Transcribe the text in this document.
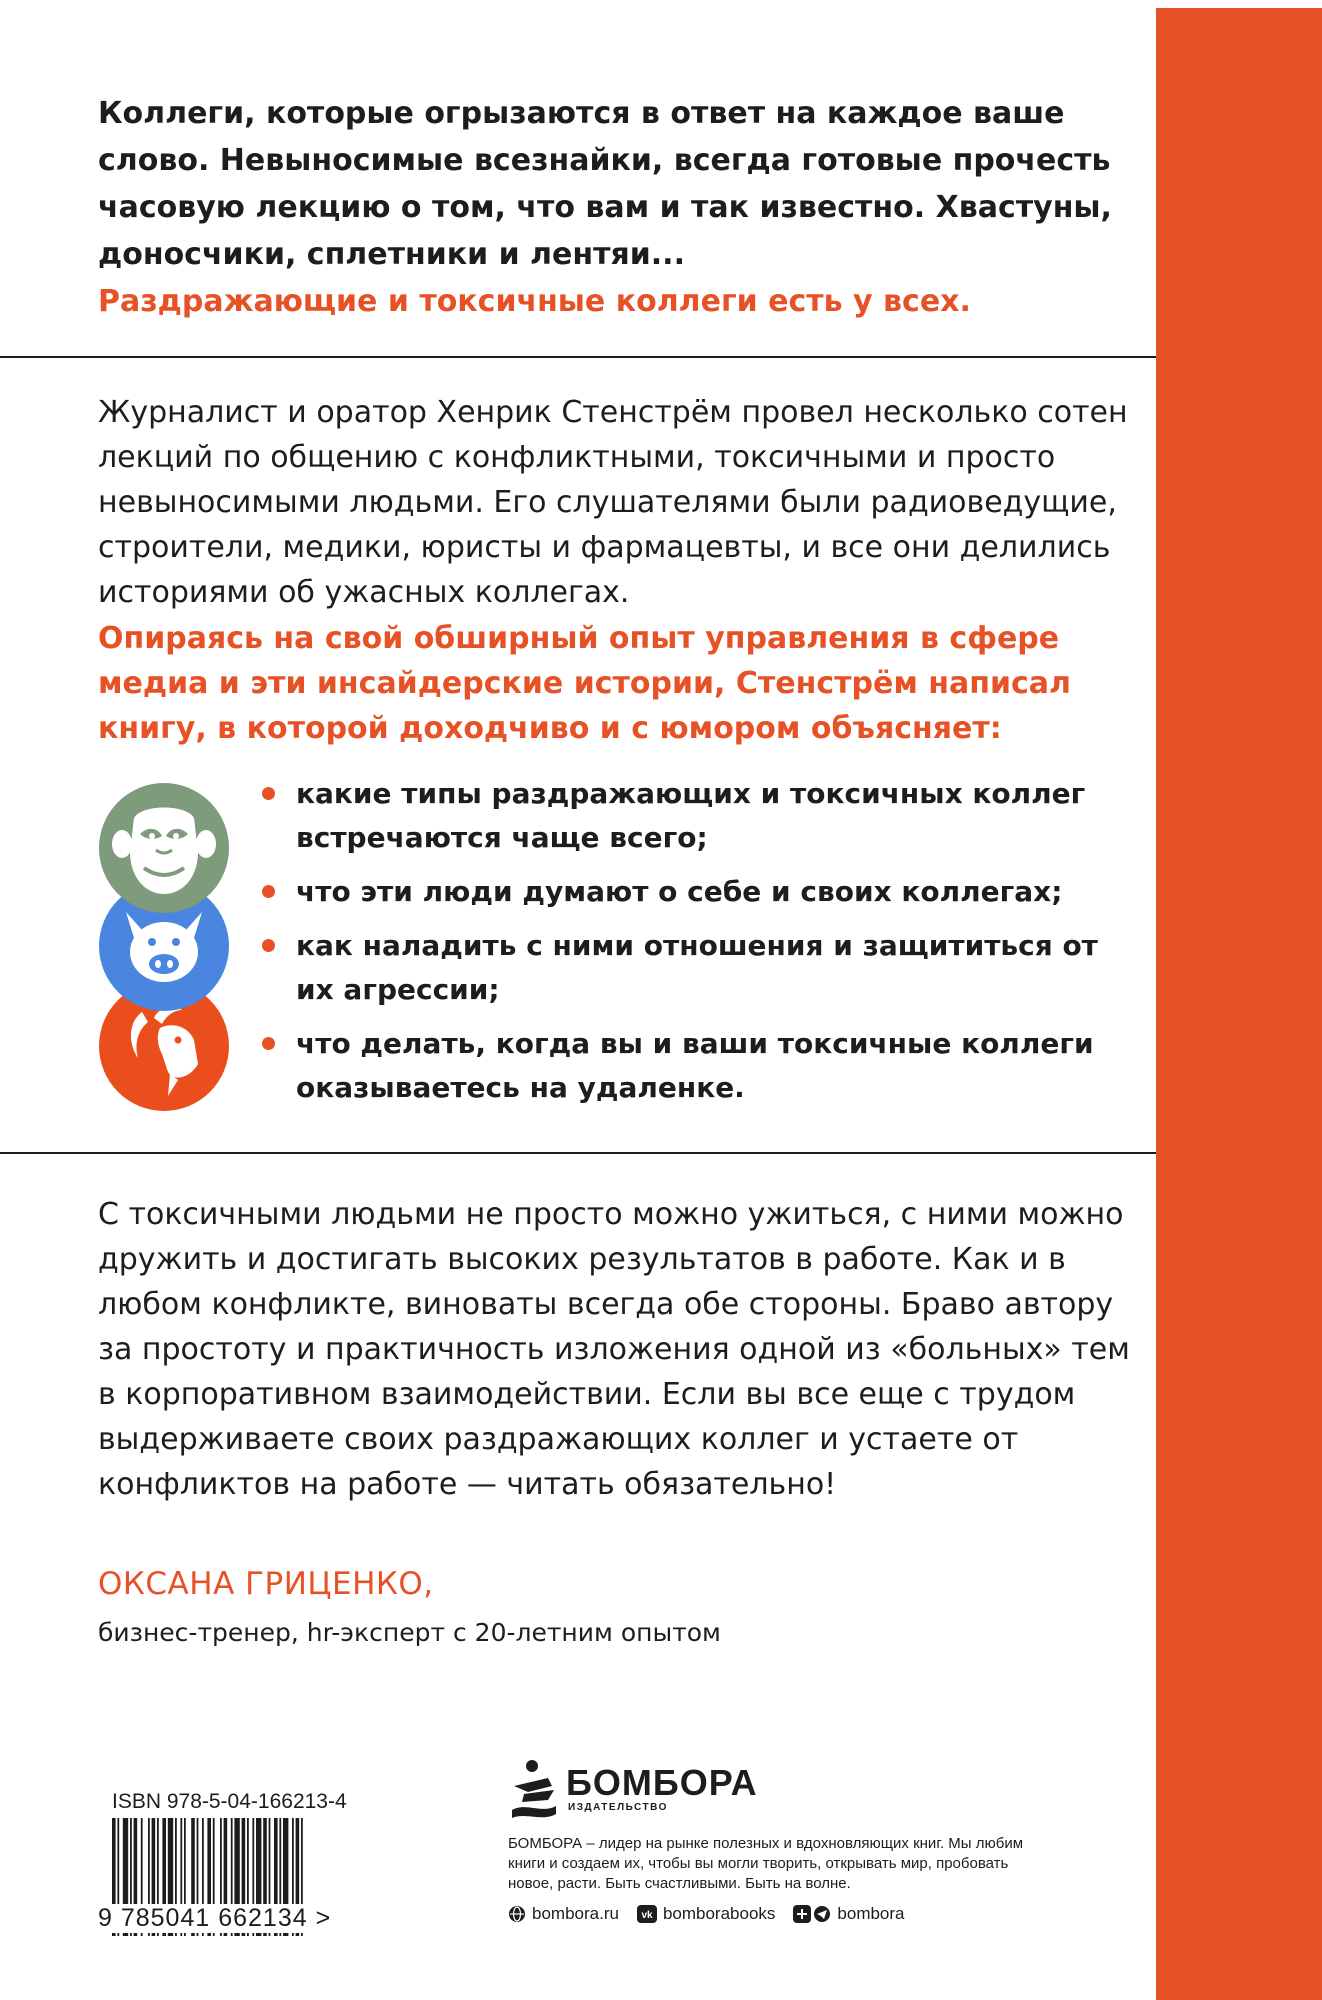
Коллеги, которые огрызаются в ответ на каждое ваше слово. Невыносимые всезнайки, всегда готовые прочесть часовую лекцию о том, что вам и так известно. Хвастуны, доносчики, сплетники и лентяи...
Раздражающие и токсичные коллеги есть у всех.
Журналист и оратор Хенрик Стенстрём провел несколько сотен лекций по общению с конфликтными, токсичными и просто невыносимыми людьми. Его слушателями были радиоведущие, строители, медики, юристы и фармацевты, и все они делились историями об ужасных коллегах.
Опираясь на свой обширный опыт управления в сфере медиа и эти инсайдерские истории, Стенстрём написал книгу, в которой доходчиво и с юмором объясняет:
какие типы раздражающих и токсичных коллег встречаются чаще всего;
что эти люди думают о себе и своих коллегах;
как наладить с ними отношения и защититься от их агрессии;
что делать, когда вы и ваши токсичные коллеги оказываетесь на удаленке.

С токсичными людьми не просто можно ужиться, с ними можно дружить и достигать высоких результатов в работе. Как и в любом конфликте, виноваты всегда обе стороны. Браво автору за простоту и практичность изложения одной из «больных» тем в корпоративном взаимодействии. Если вы все еще с трудом выдерживаете своих раздражающих коллег и устаете от конфликтов на работе — читать обязательно!

ОКСАНА ГРИЦЕНКО,
бизнес-тренер, hr-эксперт с 20-летним опытом
ISBN 978-5-04-166213-4
9 785041 662134 >
БОМБОРА
ИЗДАТЕЛЬСТВО
БОМБОРА – лидер на рынке полезных и вдохновляющих книг. Мы любим книги и создаем их, чтобы вы могли творить, открывать мир, пробовать новое, расти. Быть счастливыми. Быть на волне.
bombora.ru vk bomborabooks	bombora
